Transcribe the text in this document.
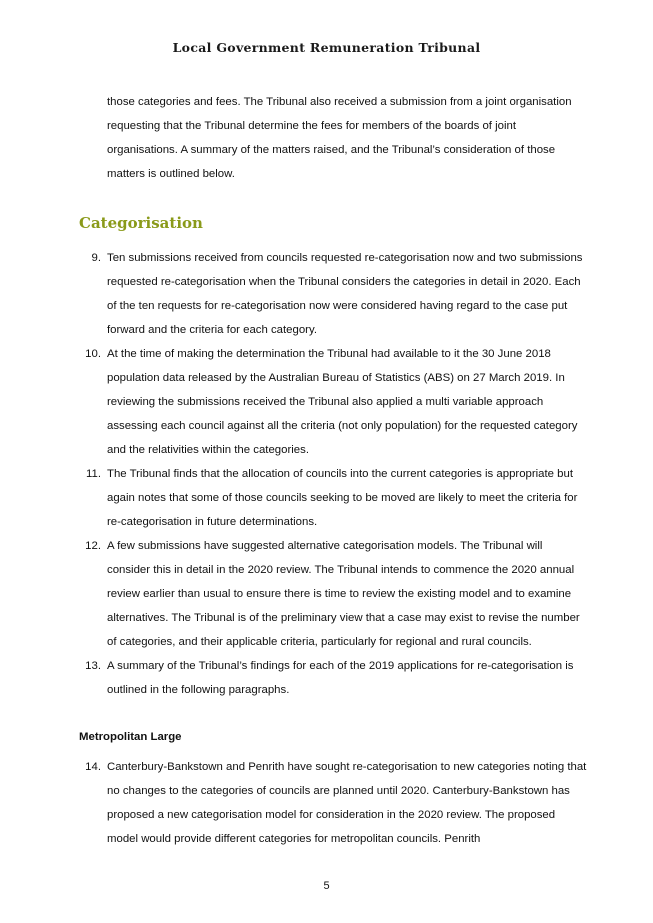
Local Government Remuneration Tribunal
those categories and fees. The Tribunal also received a submission from a joint organisation requesting that the Tribunal determine the fees for members of the boards of joint organisations. A summary of the matters raised, and the Tribunal’s consideration of those matters is outlined below.
Categorisation
9. Ten submissions received from councils requested re-categorisation now and two submissions requested re-categorisation when the Tribunal considers the categories in detail in 2020. Each of the ten requests for re-categorisation now were considered having regard to the case put forward and the criteria for each category.
10. At the time of making the determination the Tribunal had available to it the 30 June 2018 population data released by the Australian Bureau of Statistics (ABS) on 27 March 2019. In reviewing the submissions received the Tribunal also applied a multi variable approach assessing each council against all the criteria (not only population) for the requested category and the relativities within the categories.
11. The Tribunal finds that the allocation of councils into the current categories is appropriate but again notes that some of those councils seeking to be moved are likely to meet the criteria for re-categorisation in future determinations.
12. A few submissions have suggested alternative categorisation models. The Tribunal will consider this in detail in the 2020 review. The Tribunal intends to commence the 2020 annual review earlier than usual to ensure there is time to review the existing model and to examine alternatives. The Tribunal is of the preliminary view that a case may exist to revise the number of categories, and their applicable criteria, particularly for regional and rural councils.
13. A summary of the Tribunal’s findings for each of the 2019 applications for re-categorisation is outlined in the following paragraphs.
Metropolitan Large
14. Canterbury-Bankstown and Penrith have sought re-categorisation to new categories noting that no changes to the categories of councils are planned until 2020. Canterbury-Bankstown has proposed a new categorisation model for consideration in the 2020 review. The proposed model would provide different categories for metropolitan councils. Penrith
5
